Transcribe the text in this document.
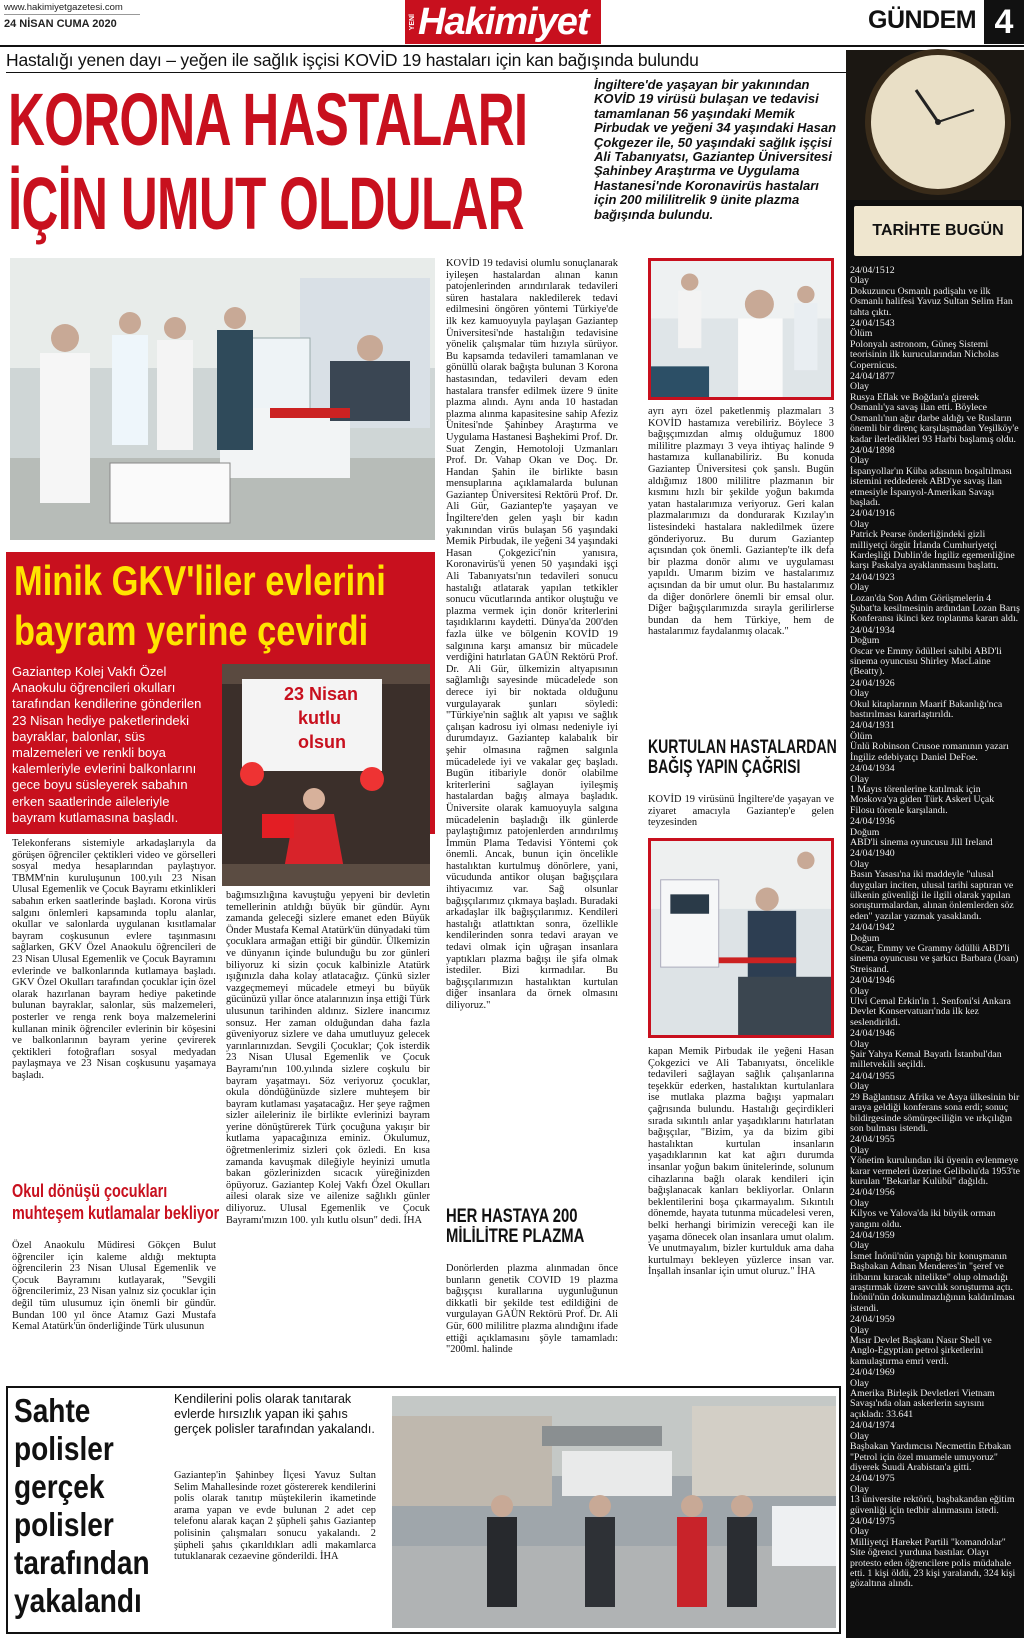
www.hakimiyetgazetesi.com
24 NİSAN CUMA 2020	YENİ Hakimiyet	GÜNDEM 4
Hastalığı yenen dayı – yeğen ile sağlık işçisi KOVİD 19 hastaları için kan bağışında bulundu
KORONA HASTALARI
İÇİN UMUT OLDULAR
İngiltere'de yaşayan bir yakınından KOVİD 19 virüsü bulaşan ve tedavisi tamamlanan 56 yaşındaki Memik Pirbudak ve yeğeni 34 yaşındaki Hasan Çokgezer ile, 50 yaşındaki sağlık işçisi Ali Tabanıyatsı, Gaziantep Üniversitesi Şahinbey Araştırma ve Uygulama Hastanesi'nde Koronavirüs hastaları için 200 mililitrelik 9 ünite plazma bağışında bulundu.
KOVİD 19 tedavisi olumlu sonuçlanarak iyileşen hastalardan alınan kanın patojenlerinden arındırılarak tedavileri süren hastalara nakledilerek tedavi edilmesini öngören yöntemi Türkiye'de ilk kez kamuoyuyla paylaşan Gaziantep Üniversitesi'nde hastalığın tedavisine yönelik çalışmalar tüm hızıyla sürüyor. Bu kapsamda tedavileri tamamlanan ve gönüllü olarak bağışta bulunan 3 Korona hastasından, tedavileri devam eden hastalara transfer edilmek üzere 9 ünite plazma alındı. Aynı anda 10 hastadan plazma alınma kapasitesine sahip Afeziz Ünitesi'nde Şahinbey Araştırma ve Uygulama Hastanesi Başhekimi Prof. Dr. Suat Zengin, Hemotoloji Uzmanları Prof. Dr. Vahap Okan ve Doç. Dr. Handan Şahin ile birlikte basın mensuplarına açıklamalarda bulunan Gaziantep Üniversitesi Rektörü Prof. Dr. Ali Gür, Gaziantep'te yaşayan ve İngiltere'den gelen yaşlı bir kadın yakınından virüs bulaşan 56 yaşındaki Memik Pirbudak, ile yeğeni 34 yaşındaki Hasan Çokgezici'nin yanısıra, Koronavirüs'ü yenen 50 yaşındaki işçi Ali Tabanıyatsı'nın tedavileri sonucu hastalığı atlatarak yapılan tetkikler sonucu vücutlarında antikor oluştuğu ve plazma vermek için donör kriterlerini taşıdıklarını kaydetti. Dünya'da 200'den fazla ülke ve bölgenin KOVİD 19 salgınına karşı amansız bir mücadele verdiğini hatırlatan GAÜN Rektörü Prof. Dr. Ali Gür, ülkemizin altyapısının sağlamlığı sayesinde mücadelede son derece iyi bir noktada olduğunu vurgulayarak şunları söyledi: "Türkiye'nin sağlık alt yapısı ve sağlık çalışan kadrosu iyi olması nedeniyle iyi durumdayız. Gaziantep kalabalık bir şehir olmasına rağmen salgınla mücadelede iyi ve vakalar geç başladı. Bugün itibariyle donör olabilme kriterlerini sağlayan iyileşmiş hastalardan bağış almaya başladık. Üniversite olarak kamuoyuyla salgına mücadelenin başladığı ilk günlerde paylaştığımız patojenlerden arındırılmış İmmün Plama Tedavisi Yöntemi çok önemli. Ancak, bunun için öncelikle hastalıktan kurtulmuş dönörlere, yani, vücudunda antikor oluşan bağışçılara ihtiyacımız var. Sağ olsunlar bağışçılarımız çıkmaya başladı. Buradaki arkadaşlar ilk bağışçılarımız. Kendileri hastalığı atlattıktan sonra, özellikle kendilerinden sonra tedavi arayan ve tedavi olmak için uğraşan insanlara yaptıkları plazma bağışı ile şifa olmak istediler. Bizi kırmadılar. Bu bağışçılarımızın hastalıktan kurtulan diğer insanlara da örnek olmasını diliyoruz."
HER HASTAYA 200
MİLİLİTRE PLAZMA
Donörlerden plazma alınmadan önce bunların genetik COVID 19 plazma bağışçısı kurallarına uygunluğunun dikkatli bir şekilde test edildiğini de vurgulayan GAÜN Rektörü Prof. Dr. Ali Gür, 600 mililitre plazma alındığını ifade ettiği açıklamasını şöyle tamamladı: "200ml. halinde
ayrı ayrı özel paketlenmiş plazmaları 3 KOVİD hastamıza verebiliriz. Böylece 3 bağışçımızdan almış olduğumuz 1800 mililitre plazmayı 3 veya ihtiyaç halinde 9 hastamıza kullanabiliriz. Bu konuda Gaziantep Üniversitesi çok şanslı. Bugün aldığımız 1800 mililitre plazmanın bir kısmını hızlı bir şekilde yoğun bakımda yatan hastalarımıza veriyoruz. Geri kalan plazmalarımızı da dondurarak Kızılay'ın listesindeki hastalara nakledilmek üzere gönderiyoruz. Bu durum Gaziantep açısından çok önemli. Gaziantep'te ilk defa bir plazma donör alımı ve uygulaması yapıldı. Umarım bizim ve hastalarımız açısından da bir umut olur. Bu hastalarımız da diğer donörlere önemli bir emsal olur. Diğer bağışçılarımızda sırayla gerilirlerse bundan da hem Türkiye, hem de hastalarımız faydalanmış olacak."
KURTULAN HASTALARDAN
BAĞIŞ YAPIN ÇAĞRISI
KOVİD 19 virüsünü İngiltere'de yaşayan ve ziyaret amacıyla Gaziantep'e gelen teyzesinden
kapan Memik Pirbudak ile yeğeni Hasan Çokgezici ve Ali Tabanıyatsı, öncelikle tedavileri sağlayan sağlık çalışanlarına teşekkür ederken, hastalıktan kurtulanlara ise mutlaka plazma bağışı yapmaları çağrısında bulundu. Hastalığı geçirdikleri sırada sıkıntılı anlar yaşadıklarını hatırlatan bağışçılar, "Bizim, ya da bizim gibi hastalıktan kurtulan insanların yaşadıklarının kat kat ağırı durumda insanlar yoğun bakım ünitelerinde, solunum cihazlarına bağlı olarak kendileri için bağışlanacak kanları bekliyorlar. Onların beklentilerini boşa çıkarmayalım. Sıkıntılı dönemde, hayata tutunma mücadelesi veren, belki herhangi birimizin vereceği kan ile yaşama dönecek olan insanlara umut olalım. Ve unutmayalım, bizler kurtulduk ama daha kurtulmayı bekleyen yüzlerce insan var. İnşallah insanlar için umut oluruz." İHA
Minik GKV'liler evlerini
bayram yerine çevirdi
Gaziantep Kolej Vakfı Özel Anaokulu öğrencileri okulları tarafından kendilerine gönderilen 23 Nisan hediye paketlerindeki bayraklar, balonlar, süs malzemeleri ve renkli boya kalemleriyle evlerini balkonlarını gece boyu süsleyerek sabahın erken saatlerinde aileleriyle bayram kutlamasına başladı.
23 Nisan
kutlu
olsun
Telekonferans sistemiyle arkadaşlarıyla da görüşen öğrenciler çektikleri video ve görselleri sosyal medya hesaplarından paylaştıyor. TBMM'nin kuruluşunun 100.yılı 23 Nisan Ulusal Egemenlik ve Çocuk Bayramı etkinlikleri sabahın erken saatlerinde başladı. Korona virüs salgını önlemleri kapsamında toplu alanlar, okullar ve salonlarda uygulanan kısıtlamalar bayram coşkusunun evlere taşınmasını sağlarken, GKV Özel Anaokulu öğrencileri de 23 Nisan Ulusal Egemenlik ve Çocuk Bayramını evlerinde ve balkonlarında kutlamaya başladı. GKV Özel Okulları tarafından çocuklar için özel olarak hazırlanan bayram hediye paketinde bulunan bayraklar, salonlar, süs malzemeleri, posterler ve renga renk boya malzemelerini kullanan minik öğrenciler evlerinin bir köşesini ve balkonlarının bayram yerine çevirerek çektikleri fotoğrafları sosyal medyadan paylaşmaya ve 23 Nisan coşkusunu yaşamaya başladı.
Okul dönüşü çocukları
muhteşem kutlamalar bekliyor
Özel Anaokulu Müdiresi Gökçen Bulut öğrenciler için kaleme aldığı mektupta öğrencilerin 23 Nisan Ulusal Egemenlik ve Çocuk Bayramını kutlayarak, "Sevgili öğrencilerimiz, 23 Nisan yalnız siz çocuklar için değil tüm ulusumuz için önemli bir gündür. Bundan 100 yıl önce Atamız Gazi Mustafa Kemal Atatürk'ün önderliğinde Türk ulusunun
bağımsızlığına kavuştuğu yepyeni bir devletin temellerinin atıldığı büyük bir gündür. Aynı zamanda geleceği sizlere emanet eden Büyük Önder Mustafa Kemal Atatürk'ün dünyadaki tüm çocuklara armağan ettiği bir gündür. Ülkemizin ve dünyanın içinde bulunduğu bu zor günleri biliyoruz ki sizin çocuk kalbinizle Atatürk ışığınızla daha kolay atlatacağız. Çünkü sizler vazgeçmemeyi mücadele etmeyi bu büyük gücünüzü yıllar önce atalarınızın inşa ettiği Türk ulusunun tarihinden aldınız. Sizlere inancımız sonsuz. Her zaman olduğundan daha fazla güveniyoruz sizlere ve daha umutluyuz gelecek yarınlarınızdan. Sevgili Çocuklar; Çok isterdik 23 Nisan Ulusal Egemenlik ve Çocuk Bayramı'nın 100.yılında sizlere coşkulu bir bayram yaşatmayı. Söz veriyoruz çocuklar, okula döndüğünüzde sizlere muhteşem bir bayram kutlaması yaşatacağız. Her şeye rağmen sizler aileleriniz ile birlikte evlerinizi bayram yerine dönüştürerek Türk çocuğuna yakışır bir kutlama yapacağınıza eminiz. Okulumuz, öğretmenlerimiz sizleri çok özledi. En kısa zamanda kavuşmak dileğiyle heyinizi umutla bakan gözlerinizden sıcacık yüreğinizden öpüyoruz. Gaziantep Kolej Vakfı Özel Okulları ailesi olarak size ve ailenize sağlıklı günler diliyoruz. Ulusal Egemenlik ve Çocuk Bayramı'mızın 100. yılı kutlu olsun" dedi. İHA
Sahte
polisler
gerçek
polisler
tarafından
yakalandı
Kendilerini polis olarak tanıtarak evlerde hırsızlık yapan iki şahıs gerçek polisler tarafından yakalandı.
Gaziantep'in Şahinbey İlçesi Yavuz Sultan Selim Mahallesinde rozet göstererek kendilerini polis olarak tanıtıp müştekilerin ikametinde arama yapan ve evde bulunan 2 adet cep telefonu alarak kaçan 2 şüpheli şahıs Gaziantep polisinin çalışmaları sonucu yakalandı. 2 şüpheli şahıs çıkarıldıkları adli makamlarca tutuklanarak cezaevine gönderildi. İHA
TARİHTE BUGÜN
24/04/1512
Olay
Dokuzuncu Osmanlı padişahı ve ilk Osmanlı halifesi Yavuz Sultan Selim Han tahta çıktı.
24/04/1543
Ölüm
Polonyalı astronom, Güneş Sistemi teorisinin ilk kurucularından Nicholas Copernicus.
24/04/1877
Olay
Rusya Eflak ve Boğdan'a girerek Osmanlı'ya savaş ilan etti. Böylece Osmanlı'nın ağır darbe aldığı ve Rusların önemli bir direnç karşılaşmadan Yeşilköy'e kadar ilerledikleri 93 Harbi başlamış oldu.
24/04/1898
Olay
İspanyollar'ın Küba adasının boşaltılması istemini reddederek ABD'ye savaş ilan etmesiyle İspanyol-Amerikan Savaşı başladı.
24/04/1916
Olay
Patrick Pearse önderliğindeki gizli milliyetçi örgüt İrlanda Cumhuriyetçi Kardeşliği Dublin'de İngiliz egemenliğine karşı Paskalya ayaklanmasını başlattı.
24/04/1923
Olay
Lozan'da Son Adım Görüşmelerin 4 Şubat'ta kesilmesinin ardından Lozan Barış Konferansı ikinci kez toplanma kararı aldı.
24/04/1934
Doğum
Oscar ve Emmy ödülleri sahibi ABD'li sinema oyuncusu Shirley MacLaine (Beatty).
24/04/1926
Olay
Okul kitaplarının Maarif Bakanlığı'nca bastırılması kararlaştırıldı.
24/04/1931
Ölüm
Ünlü Robinson Crusoe romanının yazarı İngiliz edebiyatçı Daniel DeFoe.
24/04/1934
Olay
1 Mayıs törenlerine katılmak için Moskova'ya giden Türk Askeri Uçak Filosu törenle karşılandı.
24/04/1936
Doğum
ABD'li sinema oyuncusu Jill Ireland
24/04/1940
Olay
Basın Yasası'na iki maddeyle "ulusal duyguları inciten, ulusal tarihi saptıran ve ülkenin güvenliği ile ilgili olarak yapılan soruşturmalardan, alınan önlemlerden söz eden" yazılar yazmak yasaklandı.
24/04/1942
Doğum
Oscar, Emmy ve Grammy ödüllü ABD'li sinema oyuncusu ve şarkıcı Barbara (Joan) Streisand.
24/04/1946
Olay
Ulvi Cemal Erkin'in 1. Senfoni'si Ankara Devlet Konservatuarı'nda ilk kez seslendirildi.
24/04/1946
Olay
Şair Yahya Kemal Bayatlı İstanbul'dan milletvekili seçildi.
24/04/1955
Olay
29 Bağlantısız Afrika ve Asya ülkesinin bir araya geldiği konferans sona erdi; sonuç bildirgesinde sömürgeciliğin ve ırkçılığın son bulması istendi.
24/04/1955
Olay
Yönetim kurulundan iki üyenin evlenmeye karar vermeleri üzerine Gelibolu'da 1953'te kurulan "Bekarlar Kulübü" dağıldı.
24/04/1956
Olay
Kilyos ve Yalova'da iki büyük orman yangını oldu.
24/04/1959
Olay
İsmet İnönü'nün yaptığı bir konuşmanın Başbakan Adnan Menderes'in "şeref ve itibarını kıracak nitelikte" olup olmadığı araştırmak üzere savcılık soruşturma açtı. İnönü'nün dokunulmazlığının kaldırılması istendi.
24/04/1959
Olay
Mısır Devlet Başkanı Nasır Shell ve Anglo-Egyptian petrol şirketlerini kamulaştırma emri verdi.
24/04/1969
Olay
Amerika Birleşik Devletleri Vietnam Savaşı'nda olan askerlerin sayısını açıkladı: 33.641
24/04/1974
Olay
Başbakan Yardımcısı Necmettin Erbakan "Petrol için özel muamele umuyoruz" diyerek Suudi Arabistan'a gitti.
24/04/1975
Olay
13 üniversite rektörü, başbakandan eğitim güvenliği için tedbir alınmasını istedi.
24/04/1975
Olay
Milliyetçi Hareket Partili "komandolar" Site öğrenci yurduna bastılar. Olayı protesto eden öğrencilere polis müdahale etti. 1 kişi öldü, 23 kişi yaralandı, 324 kişi gözaltına alındı.
